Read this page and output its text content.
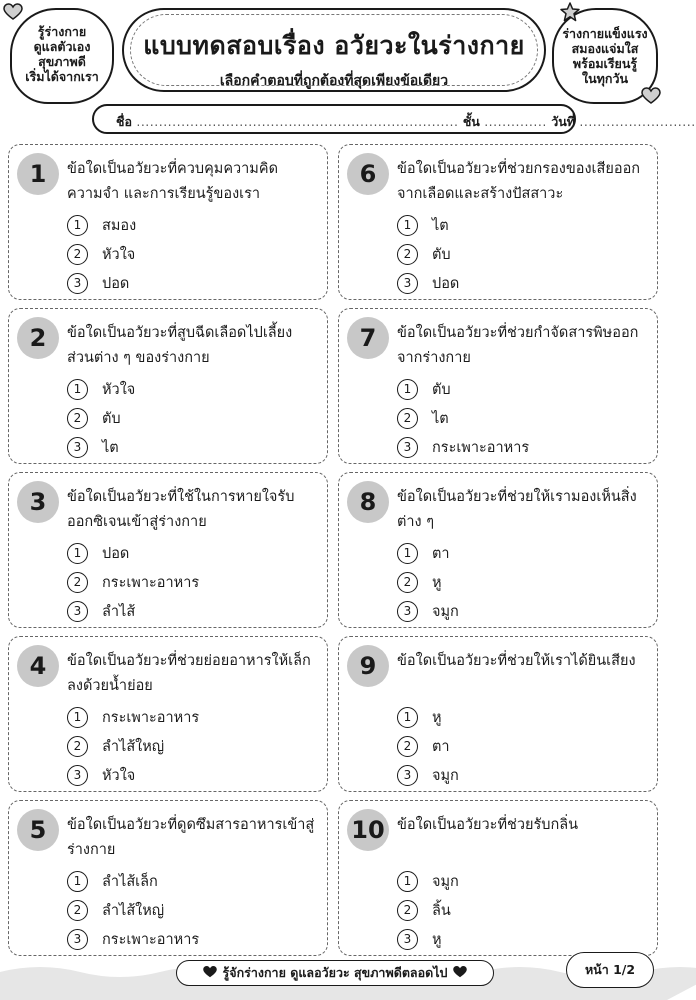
รู้ร่างกาย
ดูแลตัวเอง
สุขภาพดี
เริ่มได้จากเรา
แบบทดสอบเรื่อง อวัยวะในร่างกาย
เลือกคำตอบที่ถูกต้องที่สุดเพียงข้อเดียว
ร่างกายแข็งแรง
สมองแจ่มใส
พร้อมเรียนรู้
ในทุกวัน
ชื่อ ........................................................................ ชั้น .............. วันที่ ..........................
1	ข้อใดเป็นอวัยวะที่ควบคุมความคิด ความจำ และการเรียนรู้ของเรา
1	สมอง
2	หัวใจ
3	ปอด
2	ข้อใดเป็นอวัยวะที่สูบฉีดเลือดไปเลี้ยงส่วนต่าง ๆ ของร่างกาย
1	หัวใจ
2	ตับ
3	ไต
3	ข้อใดเป็นอวัยวะที่ใช้ในการหายใจรับออกซิเจนเข้าสู่ร่างกาย
1	ปอด
2	กระเพาะอาหาร
3	ลำไส้
4	ข้อใดเป็นอวัยวะที่ช่วยย่อยอาหารให้เล็กลงด้วยน้ำย่อย
1	กระเพาะอาหาร
2	ลำไส้ใหญ่
3	หัวใจ
5	ข้อใดเป็นอวัยวะที่ดูดซึมสารอาหารเข้าสู่ร่างกาย
1	ลำไส้เล็ก
2	ลำไส้ใหญ่
3	กระเพาะอาหาร
6	ข้อใดเป็นอวัยวะที่ช่วยกรองของเสียออกจากเลือดและสร้างปัสสาวะ
1	ไต
2	ตับ
3	ปอด
7	ข้อใดเป็นอวัยวะที่ช่วยกำจัดสารพิษออกจากร่างกาย
1	ตับ
2	ไต
3	กระเพาะอาหาร
8	ข้อใดเป็นอวัยวะที่ช่วยให้เรามองเห็นสิ่งต่าง ๆ
1	ตา
2	หู
3	จมูก
9	ข้อใดเป็นอวัยวะที่ช่วยให้เราได้ยินเสียง
1	หู
2	ตา
3	จมูก
10 ข้อใดเป็นอวัยวะที่ช่วยรับกลิ่น
1	จมูก
2	ลิ้น
3	หู
รู้จักร่างกาย ดูแลอวัยวะ สุขภาพดีตลอดไป	หน้า 1/2
